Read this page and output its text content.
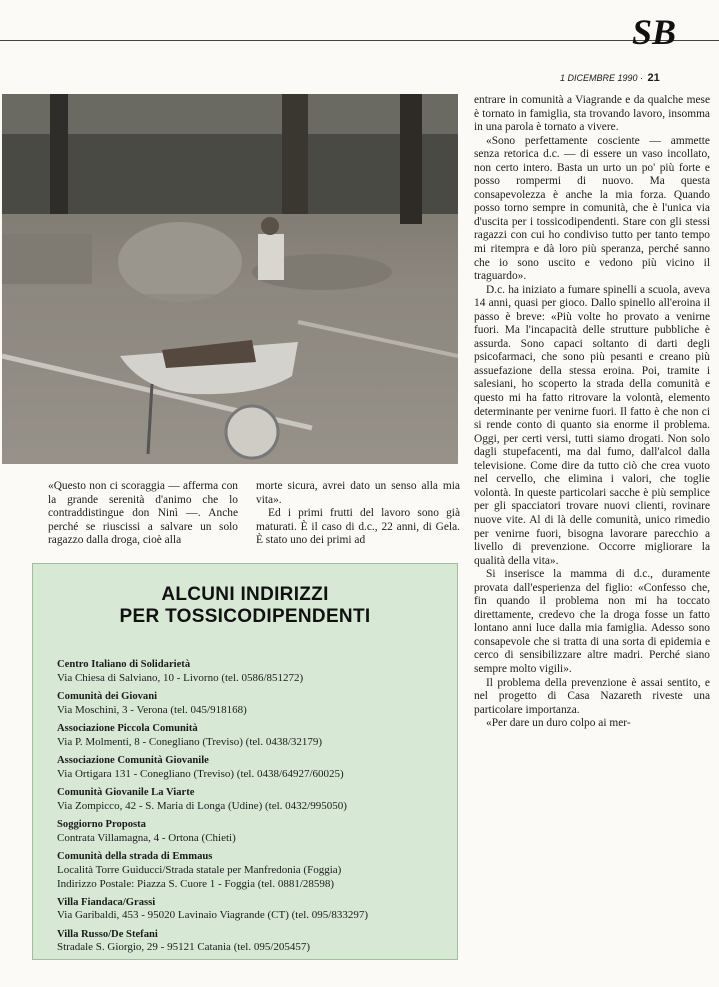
SB
1 DICEMBRE 1990 · 21

«Questo non ci scoraggia — afferma con la grande serenità d'animo che lo contraddistingue don Ninì —. Anche perché se riuscissi a salvare un solo ragazzo dalla droga, cioè alla

morte sicura, avrei dato un senso alla mia vita».

Ed i primi frutti del lavoro sono già maturati. È il caso di d.c., 22 anni, di Gela. È stato uno dei primi ad

entrare in comunità a Viagrande e da qualche mese è tornato in famiglia, sta trovando lavoro, insomma in una parola è tornato a vivere.

«Sono perfettamente cosciente — ammette senza retorica d.c. — di essere un vaso incollato, non certo intero. Basta un urto un po' più forte e posso rompermi di nuovo. Ma questa consapevolezza è anche la mia forza. Quando posso torno sempre in comunità, che è l'unica via d'uscita per i tossicodipendenti. Stare con gli stessi ragazzi con cui ho condiviso tutto per tanto tempo mi ritempra e dà loro più speranza, perché sanno che io sono uscito e vedono più vicino il traguardo».

D.c. ha iniziato a fumare spinelli a scuola, aveva 14 anni, quasi per gioco. Dallo spinello all'eroina il passo è breve: «Più volte ho provato a venirne fuori. Ma l'incapacità delle strutture pubbliche è assurda. Sono capaci soltanto di darti degli psicofarmaci, che sono più pesanti e creano più assuefazione della stessa eroina. Poi, tramite i salesiani, ho scoperto la strada della comunità e questo mi ha fatto ritrovare la volontà, elemento determinante per venirne fuori. Il fatto è che non ci si rende conto di quanto sia enorme il problema. Oggi, per certi versi, tutti siamo drogati. Non solo dagli stupefacenti, ma dal fumo, dall'alcol dalla televisione. Come dire da tutto ciò che crea vuoto nel cervello, che elimina i valori, che toglie volontà. In queste particolari sacche è più semplice per gli spacciatori trovare nuovi clienti, rovinare nuove vite. Al di là delle comunità, unico rimedio per venirne fuori, bisogna lavorare parecchio a livello di prevenzione. Occorre migliorare la qualità della vita».

Si inserisce la mamma di d.c., duramente provata dall'esperienza del figlio: «Confesso che, fin quando il problema non mi ha toccato direttamente, credevo che la droga fosse un fatto lontano anni luce dalla mia famiglia. Adesso sono consapevole che si tratta di una sorta di epidemia e cerco di sensibilizzare altre madri. Perché siano sempre molto vigili».

Il problema della prevenzione è assai sentito, e nel progetto di Casa Nazareth riveste una particolare importanza.

«Per dare un duro colpo ai mer-

ALCUNI INDIRIZZI
PER TOSSICODIPENDENTI
Centro Italiano di Solidarietà
Via Chiesa di Salviano, 10 - Livorno (tel. 0586/851272)
Comunità dei Giovani
Via Moschini, 3 - Verona (tel. 045/918168)
Associazione Piccola Comunità
Via P. Molmenti, 8 - Conegliano (Treviso) (tel. 0438/32179)
Associazione Comunità Giovanile
Via Ortigara 131 - Conegliano (Treviso) (tel. 0438/64927/60025)
Comunità Giovanile La Viarte
Via Zompicco, 42 - S. Maria di Longa (Udine) (tel. 0432/995050)
Soggiorno Proposta
Contrata Villamagna, 4 - Ortona (Chieti)
Comunità della strada di Emmaus
Località Torre Guiducci/Strada statale per Manfredonia (Foggia)
Indirizzo Postale: Piazza S. Cuore 1 - Foggia (tel. 0881/28598)
Villa Fiandaca/Grassi
Via Garibaldi, 453 - 95020 Lavinaio Viagrande (CT) (tel. 095/833297)
Villa Russo/De Stefani
Stradale S. Giorgio, 29 - 95121 Catania (tel. 095/205457)
